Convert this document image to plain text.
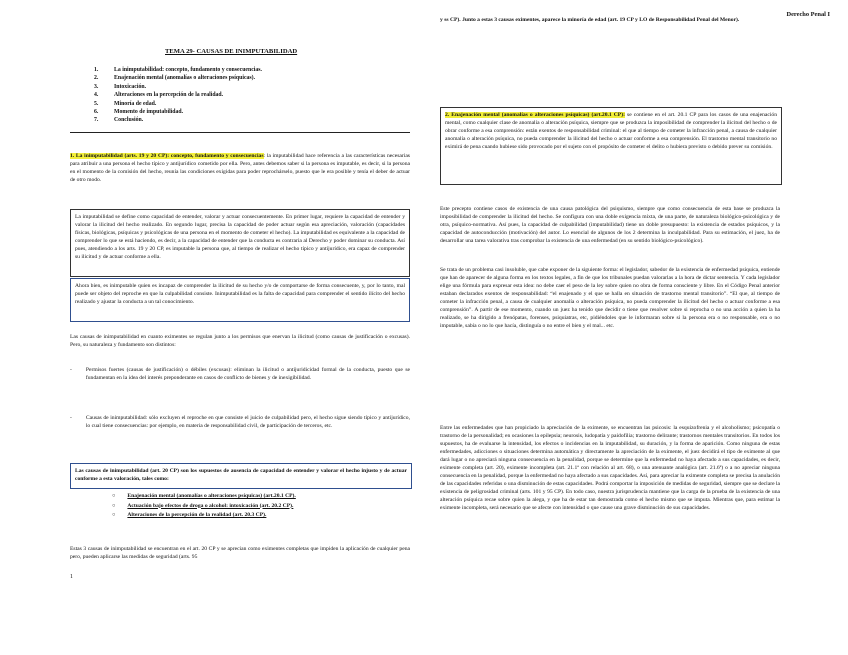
Derecho Penal I
TEMA 29- CAUSAS DE INIMPUTABILIDAD
1.	La inimputabilidad: concepto, fundamento y consecuencias.
2.	Enajenación mental (anomalías o alteraciones psíquicas).
3.	Intoxicación.
4.	Alteraciones en la percepción de la realidad.
5.	Minoría de edad.
6.	Momento de imputabilidad.
7.	Conclusión.

1. La inimputabilidad (arts. 19 y 20 CP): concepto, fundamento y consecuencias: la imputabilidad hace referencia a las características necesarias para atribuir a una persona el hecho típico y antijurídico cometido por ella. Pero, antes debemos saber si la persona es imputable, es decir, si la persona en el momento de la comisión del hecho, reunía las condiciones exigidas para poder reprochárselo, puesto que le era posible y tenía el deber de actuar de otro modo.

La imputabilidad se define como capacidad de entender, valorar y actuar consecuentemente. En primer lugar, requiere la capacidad de entender y valorar la ilicitud del hecho realizado. En segundo lugar, precisa la capacidad de poder actuar según esa apreciación, valoración (capacidades físicas, biológicas, psíquicas y psicológicas de una persona en el momento de cometer el hecho). La imputabilidad es equivalente a la capacidad de comprender lo que se está haciendo, es decir, a la capacidad de entender que la conducta es contraria al Derecho y poder dominar su conducta. Así pues, atendiendo a los arts. 19 y 20 CP, es imputable la persona que, al tiempo de realizar el hecho típico y antijurídico, era capaz de comprender su ilicitud y de actuar conforme a ella.

Ahora bien, es inimputable quien es incapaz de comprender la ilicitud de su hecho y/o de comportarse de forma consecuente, y, por lo tanto, mal puede ser objeto del reproche en que la culpabilidad consiste. Inimputabilidad es la falta de capacidad para comprender el sentido ilícito del hecho realizado y ajustar la conducta a un tal conocimiento.

Las causas de inimputabilidad en cuanto eximentes se regulan junto a los permisos que enervan la ilicitud (como causas de justificación o excusas). Pero, su naturaleza y fundamento son distintos:

-	Permisos fuertes (causas de justificación) o débiles (excusas): eliminan la ilicitud o antijuridicidad formal de la conducta, puesto que se fundamentan en la idea del interés preponderante en casos de conflicto de bienes y de inexigibilidad.

-	Causas de inimputabilidad: sólo excluyen el reproche en que consiste el juicio de culpabilidad pero, el hecho sigue siendo típico y antijurídico, lo cual tiene consecuencias: por ejemplo, en materia de responsabilidad civil, de participación de terceros, etc.

Las causas de inimputabilidad (art. 20 CP) son los supuestos de ausencia de capacidad de entender y valorar el hecho injusto y de actuar conforme a esta valoración, tales como:

○ Enajenación mental (anomalías o alteraciones psíquicas) (art.20.1 CP).
○ Actuación bajo efectos de droga o alcohol: intoxicación (art. 20.2 CP).
○ Alteraciones de la percepción de la realidad (art. 20.3 CP).

Estas 3 causas de inimputabilidad se encuentran en el art. 20 CP y se aprecian como eximentes completas que impiden la aplicación de cualquier pena pero, pueden aplicarse las medidas de seguridad (arts. 95

1

y ss CP). Junto a estas 3 causas eximentes, aparece la minoría de edad (art. 19 CP y LO de Responsabilidad Penal del Menor).

2. Enajenación mental (anomalías o alteraciones psíquicas) (art.20.1 CP): se contiene en el art. 20.1 CP para los casos de una enajenación mental, como cualquier clase de anomalía o alteración psíquica, siempre que se produzca la imposibilidad de comprender la ilicitud del hecho o de obrar conforme a esa comprensión: están exentos de responsabilidad criminal: el que al tiempo de cometer la infracción penal, a causa de cualquier anomalía o alteración psíquica, no pueda comprender la ilicitud del hecho o actuar conforme a esa comprensión. El trastorno mental transitorio no eximirá de pena cuando hubiese sido provocado por el sujeto con el propósito de cometer el delito o hubiera previsto o debido prever su comisión.

Este precepto contiene casos de existencia de una causa patológica del psiquismo, siempre que como consecuencia de esta base se produzca la imposibilidad de comprender la ilicitud del hecho. Se configura con una doble exigencia mixta, de una parte, de naturaleza biológico-psicológica y de otra, psíquico-normativa. Así pues, la capacidad de culpabilidad (imputabilidad) tiene un doble presupuesto: la existencia de estados psíquicos, y la capacidad de autoconducción (motivación) del autor. Lo esencial de algunos de los 2 determina la inculpabilidad. Para su estimación, el juez, ha de desarrollar una tarea valorativa tras comprobar la existencia de una enfermedad (en su sentido biológico-psicológico).

Se trata de un problema casi insoluble, que cabe exponer de la siguiente forma: el legislador, sabedor de la existencia de enfermedad psíquica, entiende que han de aparecer de alguna forma en los textos legales, a fin de que los tribunales puedan valorarlas a la hora de dictar sentencia. Y cada legislador elige una fórmula para expresar esta idea: no debe caer el peso de la ley sobre quien no obra de forma consciente y libre. En el Código Penal anterior estaban declarados exentos de responsabilidad: “el enajenado y el que se halla en situación de trastorno mental transitorio”. “El que, al tiempo de cometer la infracción penal, a causa de cualquier anomalía o alteración psíquica, no pueda comprender la ilicitud del hecho o actuar conforme a esa comprensión”. A partir de ese momento, cuando un juez ha tenido que decidir o tiene que resolver sobre si reprocha o no una acción a quien la ha realizado, se ha dirigido a frenópatas, forenses, psiquiatras, etc, pidiéndoles que le informaran sobre si la persona era o no responsable, era o no imputable, sabía o no lo que hacía, distinguía o no entre el bien y el mal... etc.

Entre las enfermedades que han propiciado la apreciación de la eximente, se encuentran las psicosis: la esquizofrenia y el alcoholismo; psicopatía o trastorno de la personalidad; en ocasiones la epilepsia; neurosis, ludopatía y paidofilia; trastorno delirante; trastornos mentales transitorios. En todos los supuestos, ha de evaluarse la intensidad, los efectos o incidencias en la imputabilidad, su duración, y la forma de aparición. Como ninguna de estas enfermedades, adicciones o situaciones determina automática y directamente la apreciación de la eximente, el juez decidirá el tipo de eximente al que dará lugar o no apreciará ninguna consecuencia en la penalidad, porque se determine que la enfermedad no haya afectado a sus capacidades, es decir, eximente completa (art. 20), eximente incompleta (art. 21.1ª con relación al art. 68), o una atenuante analógica (art. 21.6ª) o a no apreciar ninguna consecuencia en la penalidad, porque la enfermedad no haya afectado a sus capacidades. Así, para apreciar la eximente completa se precisa la anulación de las capacidades referidas o una disminución de estas capacidades. Podrá comportar la imposición de medidas de seguridad, siempre que se declare la existencia de peligrosidad criminal (arts. 101 y 95 CP). En todo caso, nuestra jurisprudencia mantiene que la carga de la prueba de la existencia de una alteración psíquica recae sobre quien la alega, y que ha de estar tan demostrada como el hecho mismo que se imputa. Mientras que, para estimar la eximente incompleta, será necesario que se afecte con intensidad o que cause una grave disminución de sus capacidades.
